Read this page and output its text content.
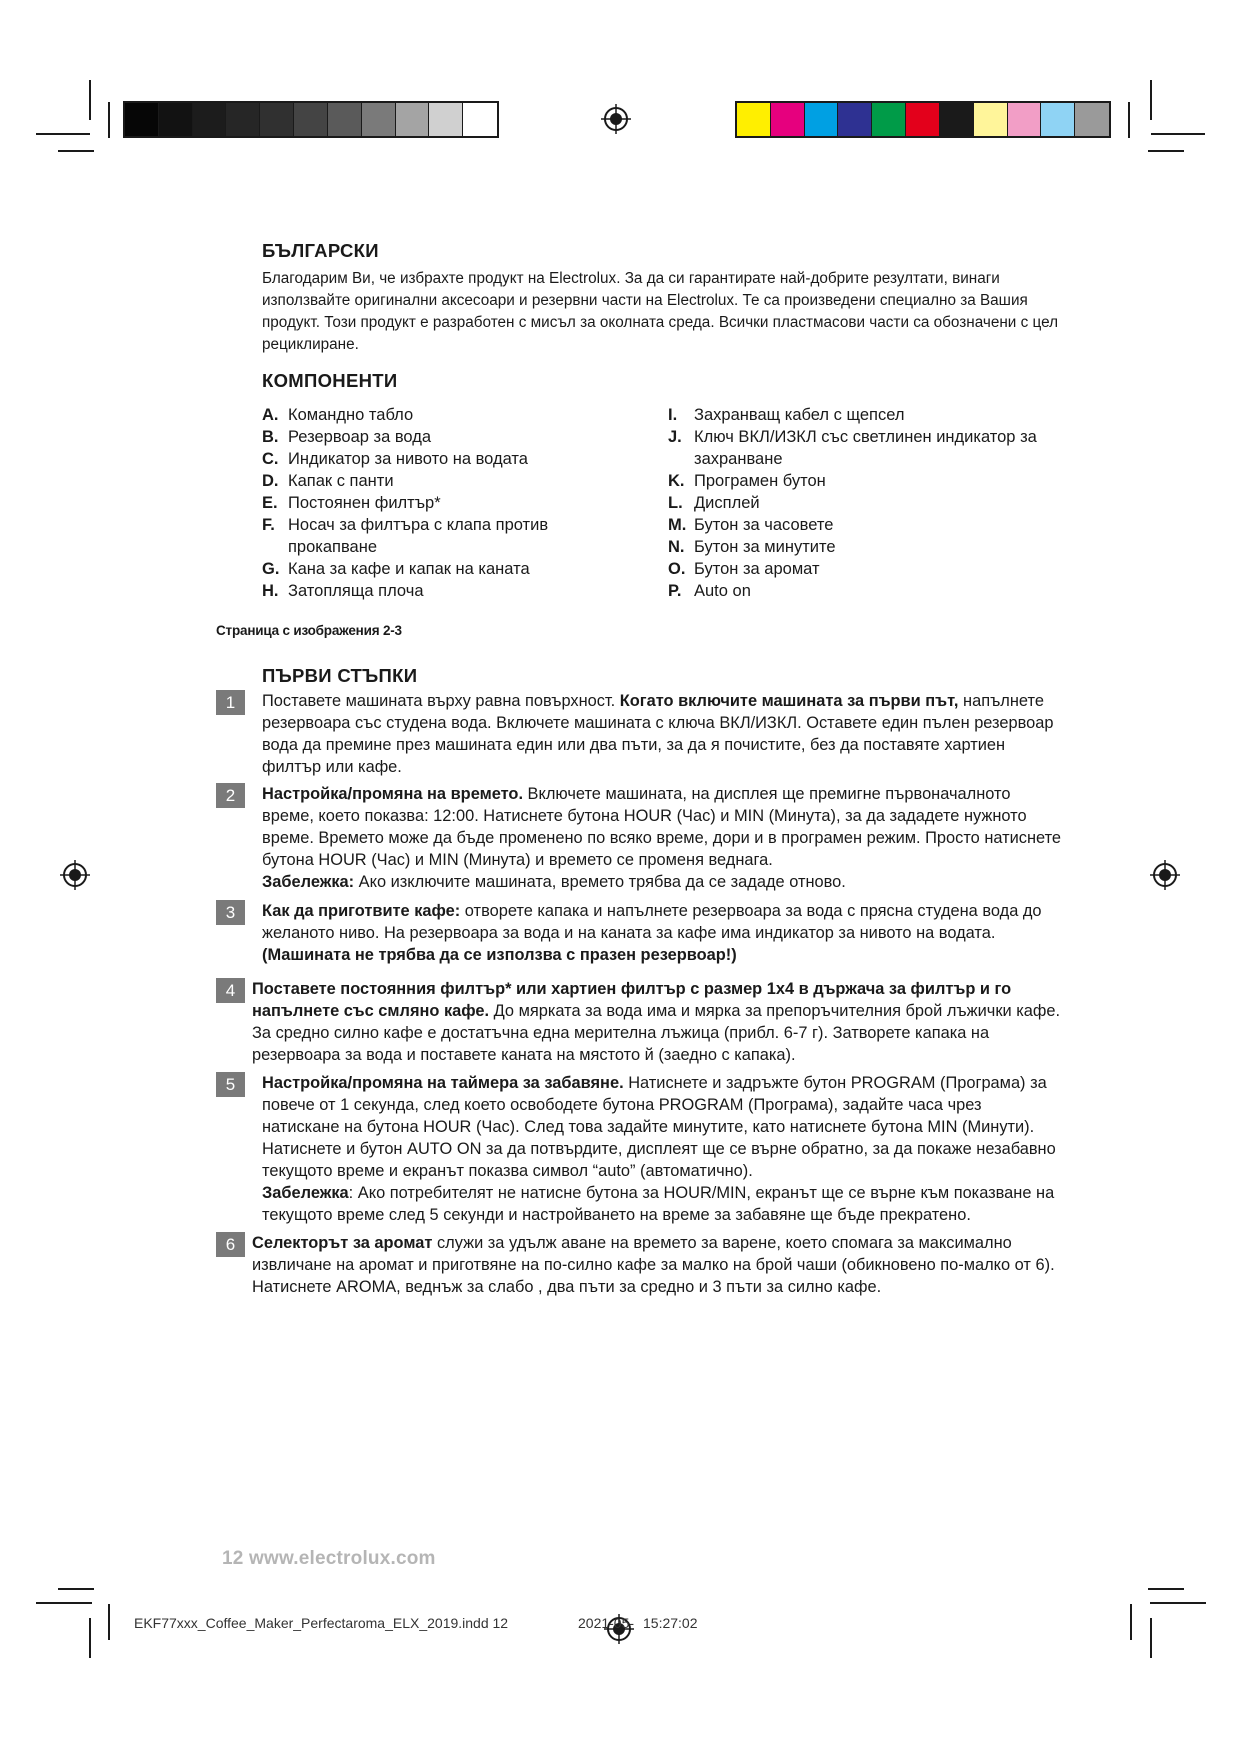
БЪЛГАРСКИ
Благодарим Ви, че избрахте продукт на Electrolux. За да си гарантирате най-добрите резултати, винаги използвайте оригинални аксесоари и резервни части на Electrolux. Те са произведени специално за Вашия продукт. Този продукт е разработен с мисъл за околната среда. Всички пластмасови части са обозначени с цел рециклиране.
КОМПОНЕНТИ
A. Командно табло
B. Резервоар за вода
C. Индикатор за нивото на водата
D. Капак с панти
E. Постоянен филтър*
F. Носач за филтъра с клапа против прокапване
G. Кана за кафе и капак на каната
H. Затопляща плоча
I. Захранващ кабел с щепсел
J. Ключ ВКЛ/ИЗКЛ със светлинен индикатор за захранване
K. Програмен бутон
L. Дисплей
M. Бутон за часовете
N. Бутон за минутите
O. Бутон за аромат
P. Auto on
Страница с изображения 2-3
ПЪРВИ СТЪПКИ
1	Поставете машината върху равна повърхност. Когато включите машината за първи път, напълнете резервоара със студена вода. Включете машината с ключа ВКЛ/ИЗКЛ. Оставете един пълен резервоар вода да премине през машината един или два пъти, за да я почистите, без да поставяте хартиен филтър или кафе.

2	Настройка/промяна на времето. Включете машината, на дисплея ще премигне първоначалното време, което показва: 12:00. Натиснете бутона HOUR (Час) и MIN (Минута), за да зададете нужното време. Времето може да бъде променено по всяко време, дори и в програмен режим. Просто натиснете бутона HOUR (Час) и MIN (Минута) и времето се променя веднага.

Забележка: Ако изключите машината, времето трябва да се зададе отново.

3	Как да приготвите кафе: отворете капака и напълнете резервоара за вода с прясна студена вода до желаното ниво. На резервоара за вода и на каната за кафе има индикатор за нивото на водата.

(Машината не трябва да се използва с празен резервоар!)

4	Поставете постоянния филтър* или хартиен филтър с размер 1x4 в държача за филтър и го напълнете със смляно кафе. До мярката за вода има и мярка за препоръчителния брой лъжички кафе. За средно силно кафе е достатъчна една мерителна лъжица (прибл. 6-7 г). Затворете капака на резервоара за вода и поставете каната на мястото й (заедно с капака).

5	Настройка/промяна на таймера за забавяне. Натиснете и задръжте бутон PROGRAM (Програма) за повече от 1 секунда, след което освободете бутона PROGRAM (Програма), задайте часа чрез натискане на бутона HOUR (Час). След това задайте минутите, като натиснете бутона MIN (Минути). Натиснете и бутон AUTO ON за да потвърдите, дисплеят ще се върне обратно, за да покаже незабавно текущото време и екранът показва символ “auto” (автоматично).

Забележка: Ако потребителят не натисне бутона за HOUR/MIN, екранът ще се върне към показване на текущото време след 5 секунди и настройването на време за забавяне ще бъде прекратено.

6	Селекторът за аромат служи за удълж аване на времето за варене, което спомага за максимално извличане на аромат и приготвяне на по-силно кафе за малко на брой чаши (обикновено по-малко от 6). Натиснете AROMA, веднъж за слабо , два пъти за средно и 3 пъти за силно кафе.

12 www.electrolux.com
EKF77xxx_Coffee_Maker_Perfectaroma_ELX_2019.indd 12	2021-05- 15:27:02
